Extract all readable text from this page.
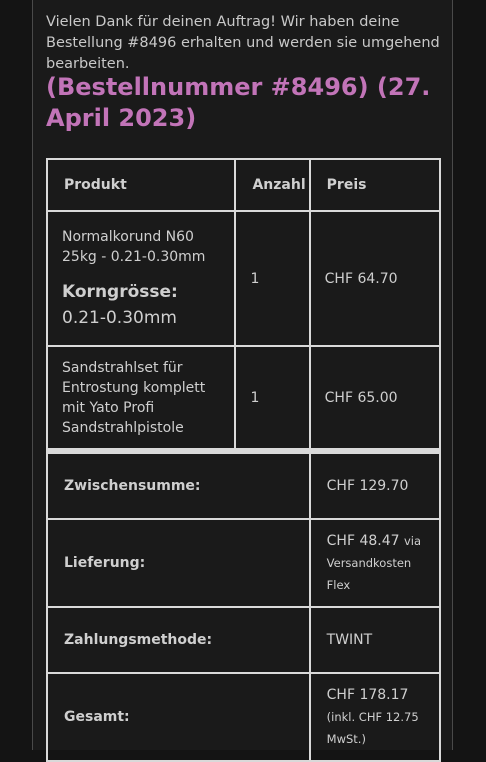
Vielen Dank für deinen Auftrag! Wir haben deine Bestellung #8496 erhalten und werden sie umgehend bearbeiten.
(Bestellnummer #8496) (27. April 2023)
Produkt	Anzahl	Preis

Normalkorund N60 25kg - 0.21-0.30mm
Korngrösse: 0.21-0.30mm	1	CHF 64.70

Sandstrahlset für Entrostung komplett mit Yato Profi Sandstrahlpistole	1	CHF 65.00

Zwischensumme:		CHF 129.70
Lieferung:		CHF 48.47 via Versandkosten Flex
Zahlungsmethode:		TWINT
Gesamt:		CHF 178.17 (inkl. CHF 12.75 MwSt.)
